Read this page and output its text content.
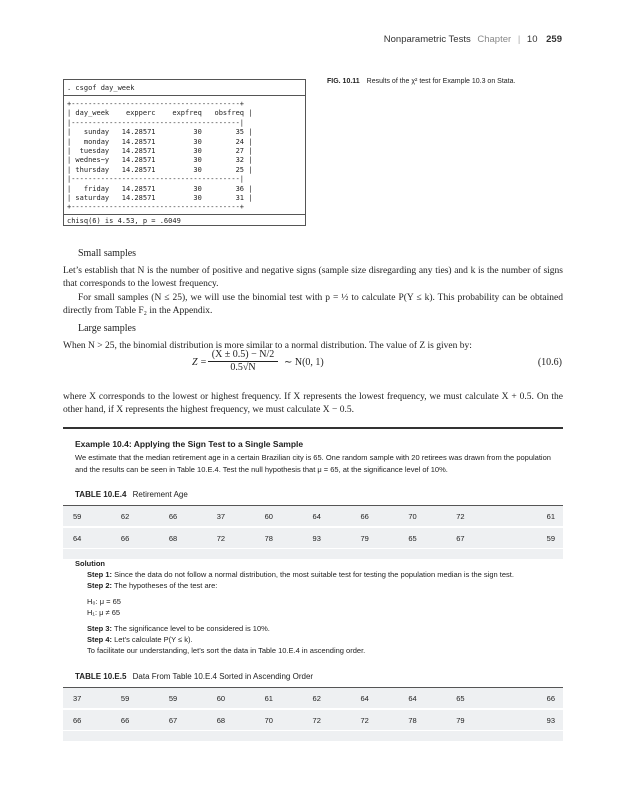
Nonparametric Tests Chapter | 10 259
. csgof day_week
+----------------------------------------+
| day_week    expperc    expfreq   obsfreq |
|----------------------------------------|
|   sunday   14.28571         30        35 |
|   monday   14.28571         30        24 |
|  tuesday   14.28571         30        27 |
| wednes~y   14.28571         30        32 |
| thursday   14.28571         30        25 |
|----------------------------------------|
|   friday   14.28571         30        36 |
| saturday   14.28571         30        31 |
+----------------------------------------+
chisq(6) is 4.53, p = .6049
FIG. 10.11 Results of the χ² test for Example 10.3 on Stata.
Small samples
Let’s establish that N is the number of positive and negative signs (sample size disregarding any ties) and k is the number of signs that corresponds to the lowest frequency.
For small samples (N ≤ 25), we will use the binomial test with p = ½ to calculate P(Y ≤ k). This probability can be obtained directly from Table F₂ in the Appendix.
Large samples
When N > 25, the binomial distribution is more similar to a normal distribution. The value of Z is given by:
$Z = \frac{(X \pm 0.5) - N/2}{0.5√N}$ ∼ N(0, 1)	(10.6)
where X corresponds to the lowest or highest frequency. If X represents the lowest frequency, we must calculate X + 0.5. On the other hand, if X represents the highest frequency, we must calculate X − 0.5.
Example 10.4: Applying the Sign Test to a Single Sample
We estimate that the median retirement age in a certain Brazilian city is 65. One random sample with 20 retirees was drawn from the population and the results can be seen in Table 10.E.4. Test the null hypothesis that μ = 65, at the significance level of 10%.
TABLE 10.E.4 Retirement Age
59	62	66	37	60	64	66	70	72	61
64	66	68	72	78	93	79	65	67	59
Solution
Step 1: Since the data do not follow a normal distribution, the most suitable test for testing the population median is the sign test.
Step 2: The hypotheses of the test are:
H₀: μ = 65
H₁: μ ≠ 65
Step 3: The significance level to be considered is 10%.
Step 4: Let’s calculate P(Y ≤ k).
To facilitate our understanding, let’s sort the data in Table 10.E.4 in ascending order.
TABLE 10.E.5 Data From Table 10.E.4 Sorted in Ascending Order
37	59	59	60	61	62	64	64	65	66
66	66	67	68	70	72	72	78	79	93
